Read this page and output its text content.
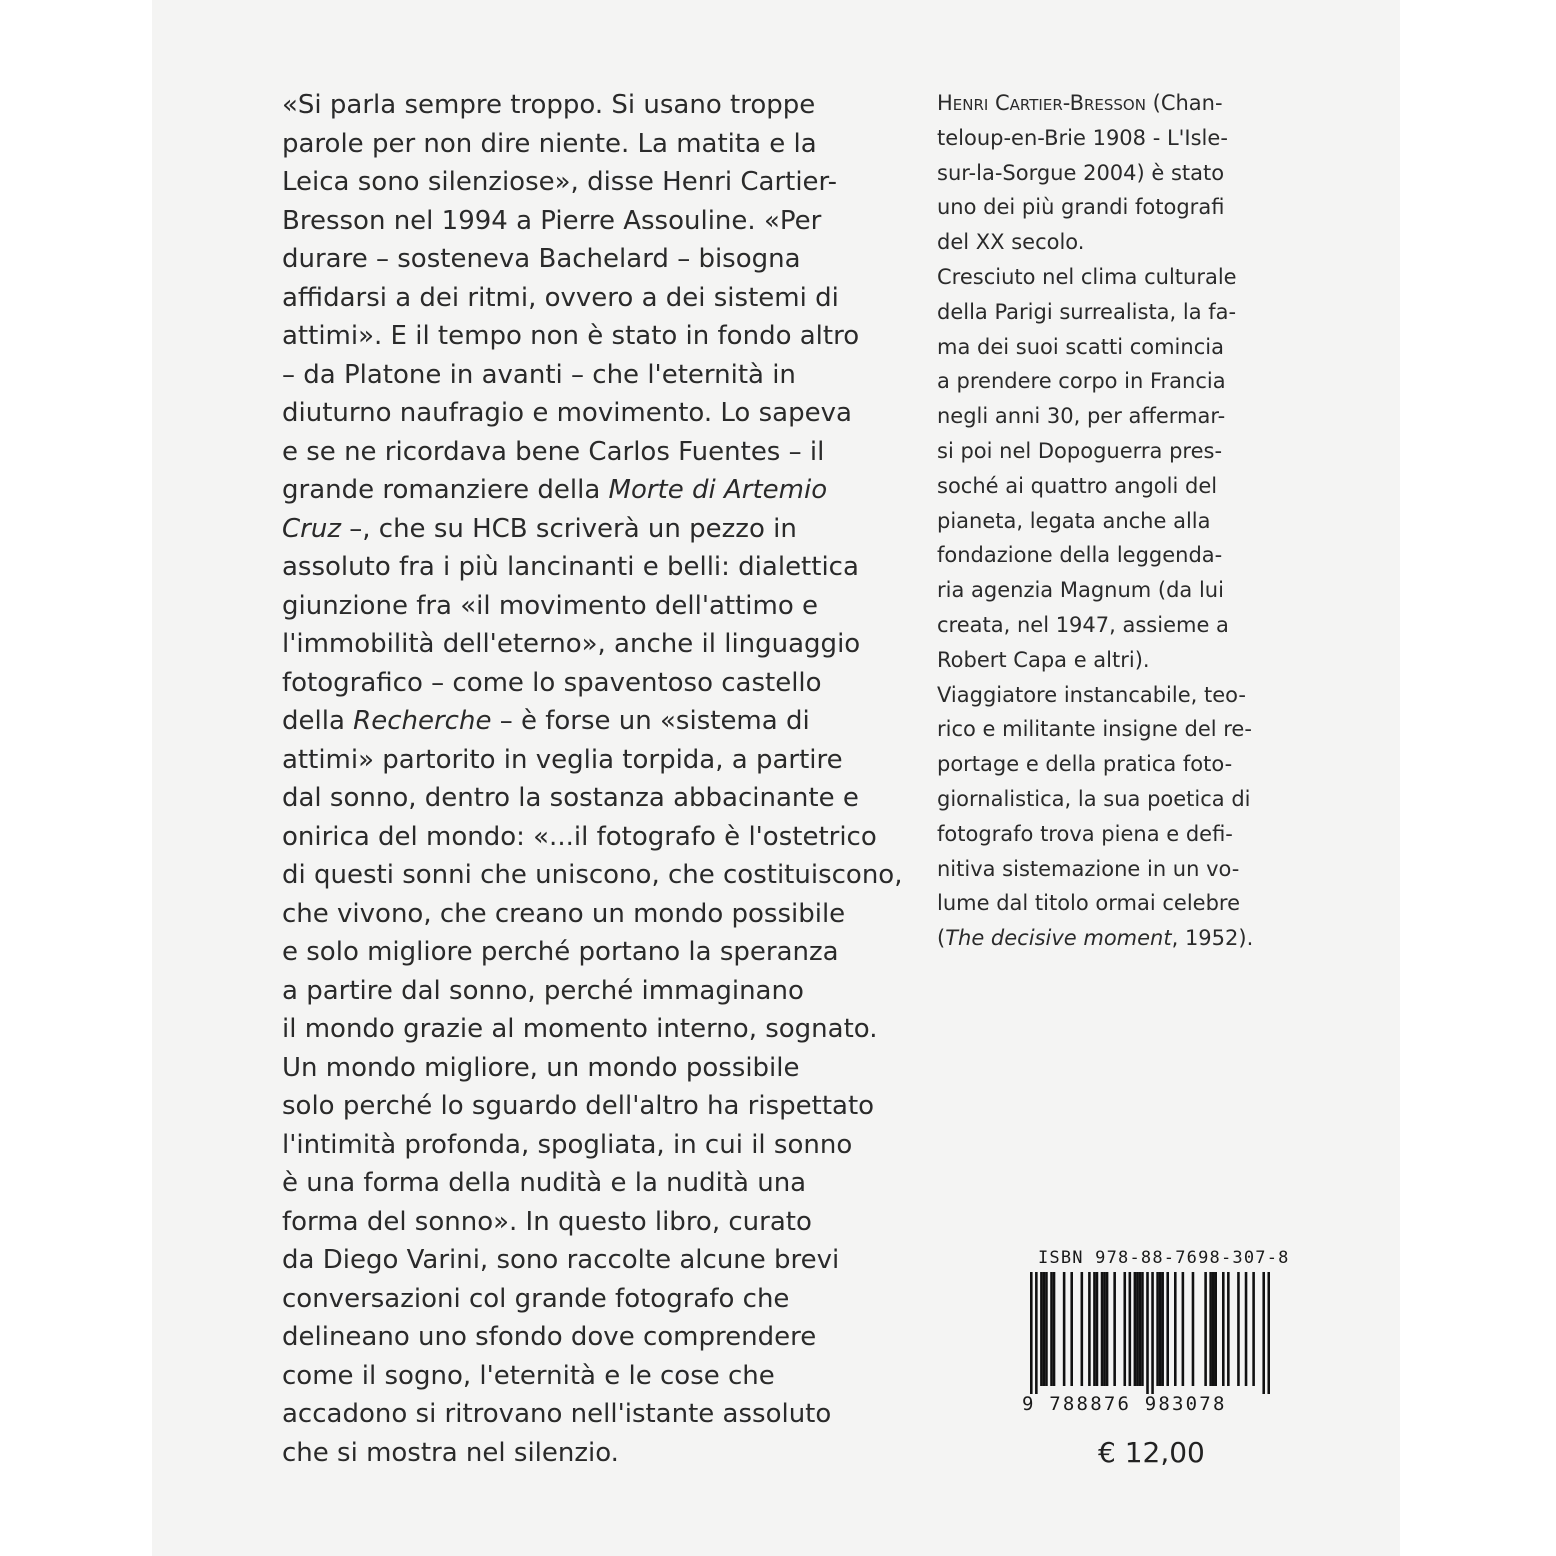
«Si parla sempre troppo. Si usano troppe
parole per non dire niente. La matita e la
Leica sono silenziose», disse Henri Cartier-
Bresson nel 1994 a Pierre Assouline. «Per
durare – sosteneva Bachelard – bisogna
affidarsi a dei ritmi, ovvero a dei sistemi di
attimi». E il tempo non è stato in fondo altro
– da Platone in avanti – che l'eternità in
diuturno naufragio e movimento. Lo sapeva
e se ne ricordava bene Carlos Fuentes – il
grande romanziere della Morte di Artemio
Cruz –, che su HCB scriverà un pezzo in
assoluto fra i più lancinanti e belli: dialettica
giunzione fra «il movimento dell'attimo e
l'immobilità dell'eterno», anche il linguaggio
fotografico – come lo spaventoso castello
della Recherche – è forse un «sistema di
attimi» partorito in veglia torpida, a partire
dal sonno, dentro la sostanza abbacinante e
onirica del mondo: «...il fotografo è l'ostetrico
di questi sonni che uniscono, che costituiscono,
che vivono, che creano un mondo possibile
e solo migliore perché portano la speranza
a partire dal sonno, perché immaginano
il mondo grazie al momento interno, sognato.
Un mondo migliore, un mondo possibile
solo perché lo sguardo dell'altro ha rispettato
l'intimità profonda, spogliata, in cui il sonno
è una forma della nudità e la nudità una
forma del sonno». In questo libro, curato
da Diego Varini, sono raccolte alcune brevi
conversazioni col grande fotografo che
delineano uno sfondo dove comprendere
come il sogno, l'eternità e le cose che
accadono si ritrovano nell'istante assoluto
che si mostra nel silenzio.
Henri Cartier-Bresson (Chan-
teloup-en-Brie 1908 - L'Isle-
sur-la-Sorgue 2004) è stato
uno dei più grandi fotografi
del XX secolo.
Cresciuto nel clima culturale
della Parigi surrealista, la fa-
ma dei suoi scatti comincia
a prendere corpo in Francia
negli anni 30, per affermar-
si poi nel Dopoguerra pres-
soché ai quattro angoli del
pianeta, legata anche alla
fondazione della leggenda-
ria agenzia Magnum (da lui
creata, nel 1947, assieme a
Robert Capa e altri).
Viaggiatore instancabile, teo-
rico e militante insigne del re-
portage e della pratica foto-
giornalistica, la sua poetica di
fotografo trova piena e defi-
nitiva sistemazione in un vo-
lume dal titolo ormai celebre
(The decisive moment, 1952).
ISBN 978-88-7698-307-8
9 788876 983078
€ 12,00
